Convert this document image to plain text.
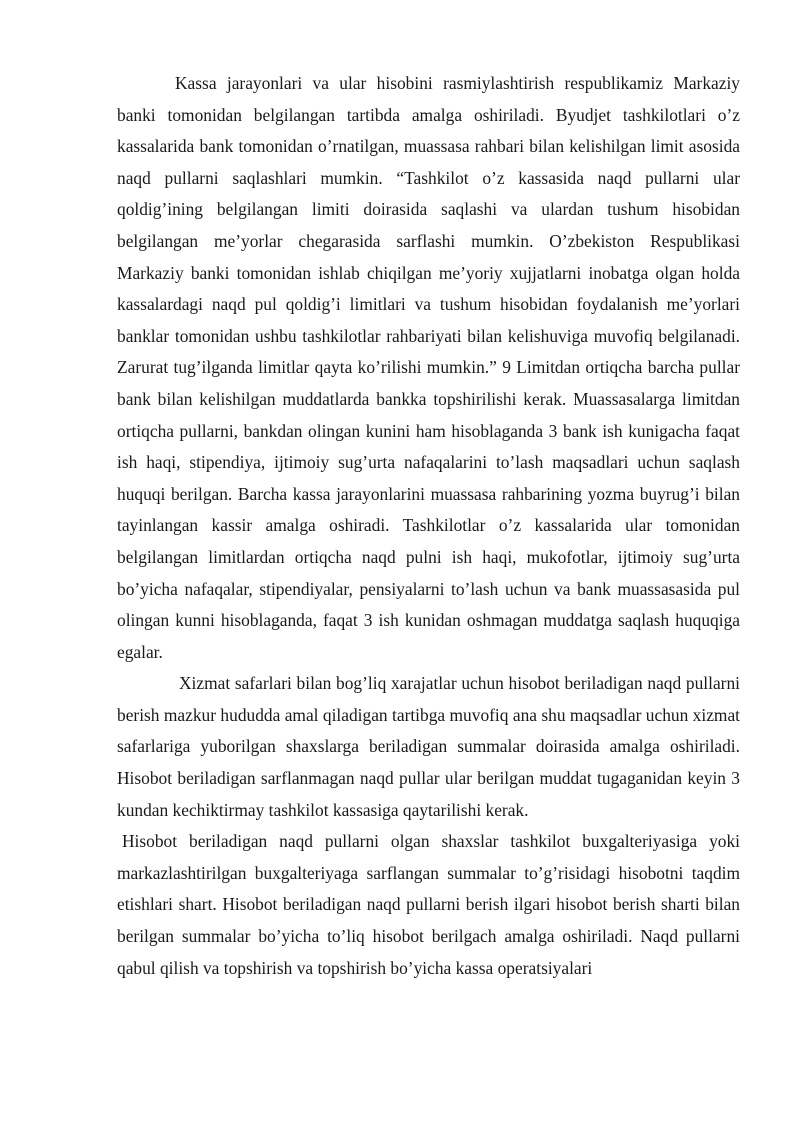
Kassa jarayonlari va ular hisobini rasmiylashtirish respublikamiz Markaziy banki tomonidan belgilangan tartibda amalga oshiriladi. Byudjet tashkilotlari o’z kassalarida bank tomonidan o’rnatilgan, muassasa rahbari bilan kelishilgan limit asosida naqd pullarni saqlashlari mumkin. “Tashkilot o’z kassasida naqd pullarni ular qoldig’ining belgilangan limiti doirasida saqlashi va ulardan tushum hisobidan belgilangan me’yorlar chegarasida sarflashi mumkin. O’zbekiston Respublikasi Markaziy banki tomonidan ishlab chiqilgan me’yoriy xujjatlarni inobatga olgan holda kassalardagi naqd pul qoldig’i limitlari va tushum hisobidan foydalanish me’yorlari banklar tomonidan ushbu tashkilotlar rahbariyati bilan kelishuviga muvofiq belgilanadi. Zarurat tug’ilganda limitlar qayta ko’rilishi mumkin.” 9 Limitdan ortiqcha barcha pullar bank bilan kelishilgan muddatlarda bankka topshirilishi kerak. Muassasalarga limitdan ortiqcha pullarni, bankdan olingan kunini ham hisoblaganda 3 bank ish kunigacha faqat ish haqi, stipendiya, ijtimoiy sug’urta nafaqalarini to’lash maqsadlari uchun saqlash huquqi berilgan. Barcha kassa jarayonlarini muassasa rahbarining yozma buyrug’i bilan tayinlangan kassir amalga oshiradi. Tashkilotlar o’z kassalarida ular tomonidan belgilangan limitlardan ortiqcha naqd pulni ish haqi, mukofotlar, ijtimoiy sug’urta bo’yicha nafaqalar, stipendiyalar, pensiyalarni to’lash uchun va bank muassasasida pul olingan kunni hisoblaganda, faqat 3 ish kunidan oshmagan muddatga saqlash huquqiga egalar.

Xizmat safarlari bilan bog’liq xarajatlar uchun hisobot beriladigan naqd pullarni berish mazkur hududda amal qiladigan tartibga muvofiq ana shu maqsadlar uchun xizmat safarlariga yuborilgan shaxslarga beriladigan summalar doirasida amalga oshiriladi. Hisobot beriladigan sarflanmagan naqd pullar ular berilgan muddat tugaganidan keyin 3 kundan kechiktirmay tashkilot kassasiga qaytarilishi kerak.

Hisobot beriladigan naqd pullarni olgan shaxslar tashkilot buxgalteriyasiga yoki markazlashtirilgan buxgalteriyaga sarflangan summalar to’g’risidagi hisobotni taqdim etishlari shart. Hisobot beriladigan naqd pullarni berish ilgari hisobot berish sharti bilan berilgan summalar bo’yicha to’liq hisobot berilgach amalga oshiriladi. Naqd pullarni qabul qilish va topshirish va topshirish bo’yicha kassa operatsiyalari
